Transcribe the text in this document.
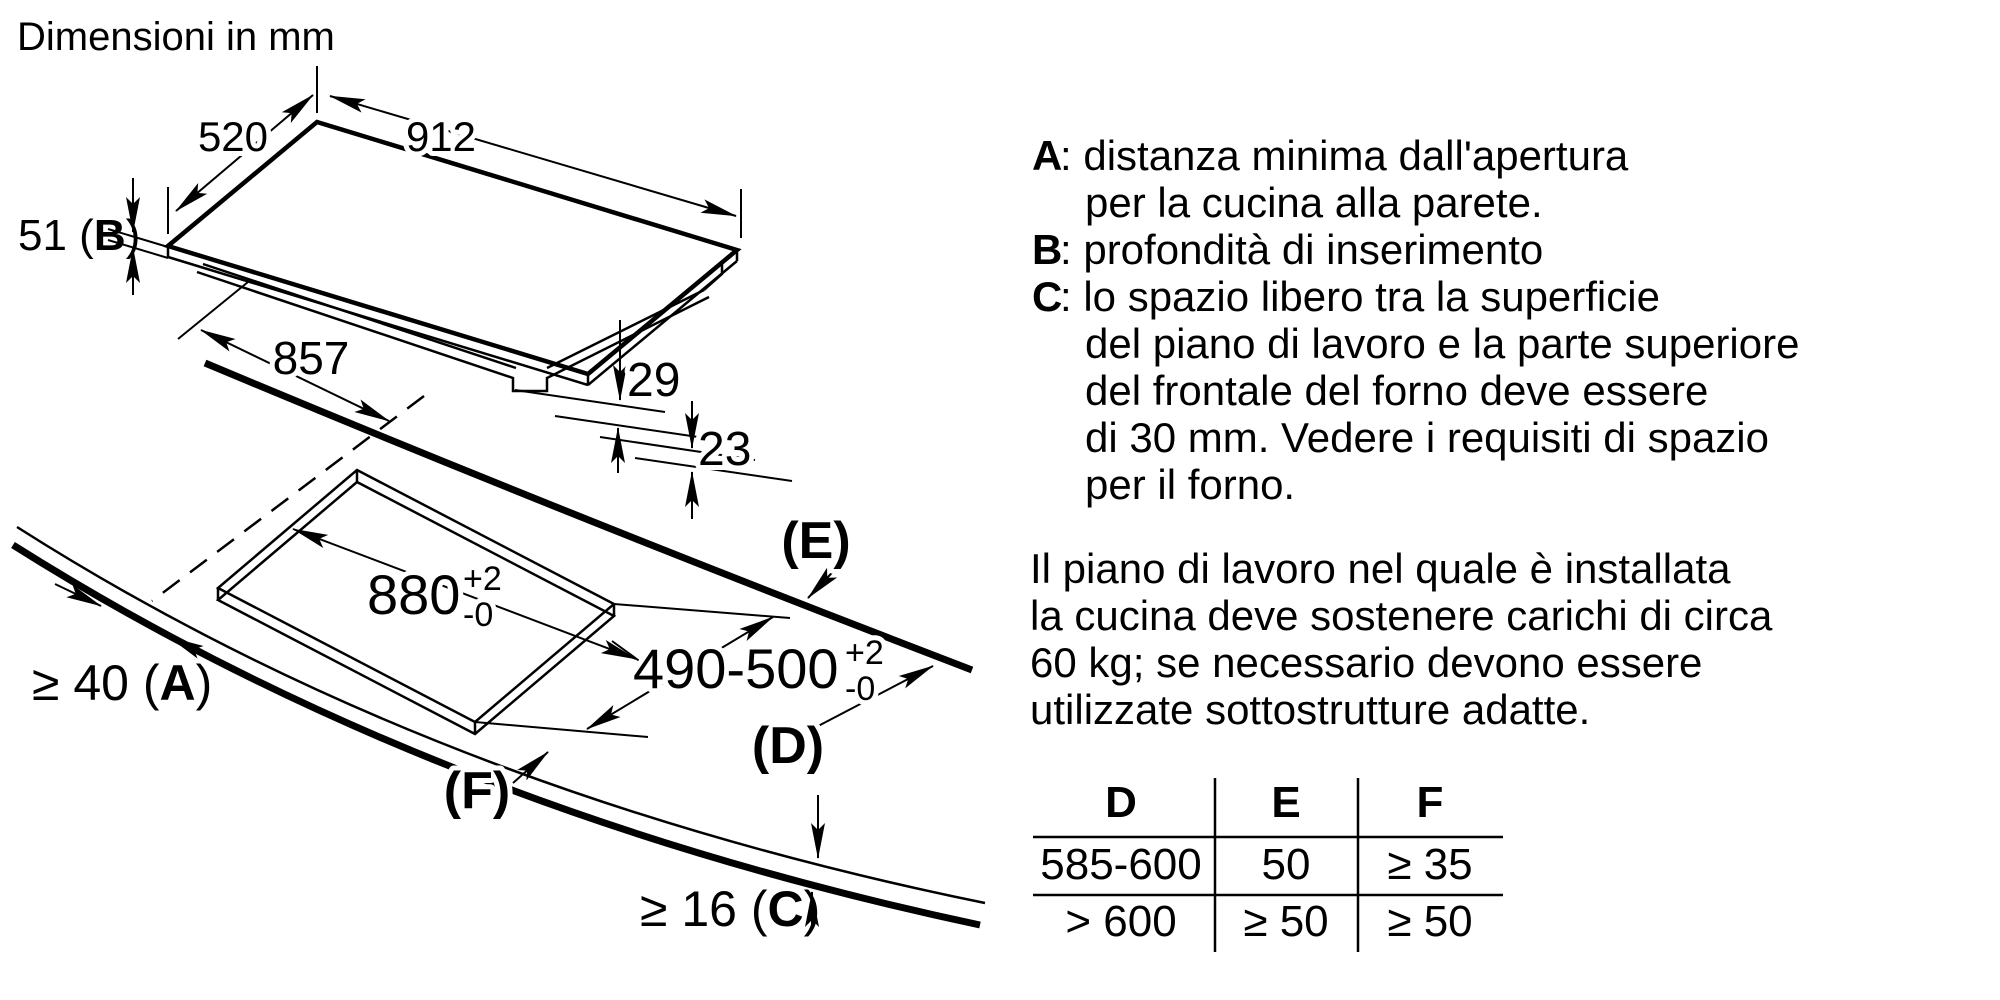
Dimensioni in mm
520	912
857	29
23
880 +2
-0
490-500 +2
-0
51 (B)
≥ 40 (A)
≥ 16 (C)
(E)
(D)
(F)
A
: distanza minima dall'apertura
per la cucina alla parete.
B
: profondità di inserimento
C
: lo spazio libero tra la superficie
del piano di lavoro e la parte superiore
del frontale del forno deve essere
di 30 mm. Vedere i requisiti di spazio
per il forno.
Il piano di lavoro nel quale è installata
la cucina deve sostenere carichi di circa
60 kg; se necessario devono essere
utilizzate sottostrutture adatte.
D	E	F
585-600 50 ≥ 35
> 600 ≥ 50 ≥ 50
